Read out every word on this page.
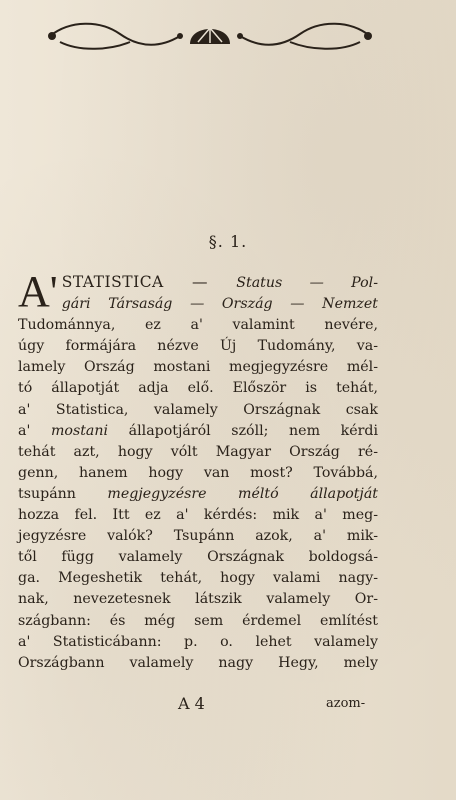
§. 1.
A' STATISTICA — Status — Pol-
gári Társaság — Ország — Nemzet
Tudománnya, ez a' valamint nevére,
úgy formájára nézve Új Tudomány, va-
lamely Ország mostani megjegyzésre mél-
tó állapotját adja elő. Először is tehát,
a' Statistica, valamely Országnak csak
a' mostani állapotjáról szóll; nem kérdi
tehát azt, hogy vólt Magyar Ország ré-
genn, hanem hogy van most? Továbbá,
tsupánn megjegyzésre méltó állapotját
hozza fel. Itt ez a' kérdés: mik a' meg-
jegyzésre valók? Tsupánn azok, a' mik-
től függ valamely Országnak boldogsá-
ga. Megeshetik tehát, hogy valami nagy-
nak, nevezetesnek látszik valamely Or-
szágbann: és még sem érdemel említést
a' Statisticábann: p. o. lehet valamely
Országbann valamely nagy Hegy, mely
A 4	azom-
